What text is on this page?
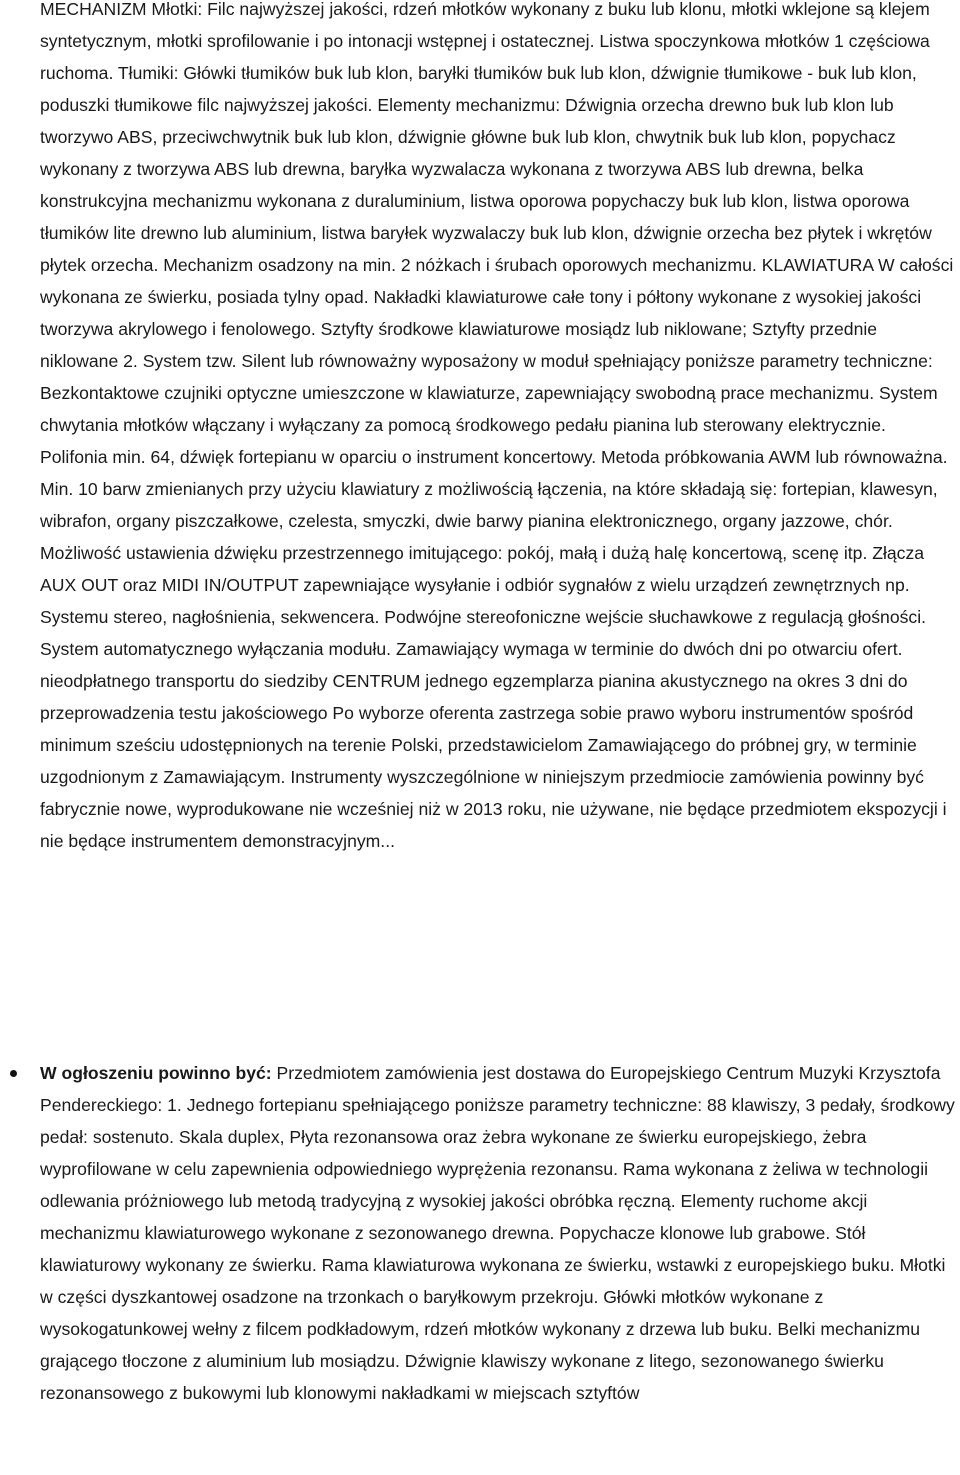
MECHANIZM Młotki: Filc najwyższej jakości, rdzeń młotków wykonany z buku lub klonu, młotki wklejone są klejem syntetycznym, młotki sprofilowanie i po intonacji wstępnej i ostatecznej. Listwa spoczynkowa młotków 1 częściowa ruchoma. Tłumiki: Główki tłumików buk lub klon, baryłki tłumików buk lub klon, dźwignie tłumikowe - buk lub klon, poduszki tłumikowe filc najwyższej jakości. Elementy mechanizmu: Dźwignia orzecha drewno buk lub klon lub tworzywo ABS, przeciwchwytnik buk lub klon, dźwignie główne buk lub klon, chwytnik buk lub klon, popychacz wykonany z tworzywa ABS lub drewna, baryłka wyzwalacza wykonana z tworzywa ABS lub drewna, belka konstrukcyjna mechanizmu wykonana z duraluminium, listwa oporowa popychaczy buk lub klon, listwa oporowa tłumików lite drewno lub aluminium, listwa baryłek wyzwalaczy buk lub klon, dźwignie orzecha bez płytek i wkrętów płytek orzecha. Mechanizm osadzony na min. 2 nóżkach i śrubach oporowych mechanizmu. KLAWIATURA W całości wykonana ze świerku, posiada tylny opad. Nakładki klawiaturowe całe tony i półtony wykonane z wysokiej jakości tworzywa akrylowego i fenolowego. Sztyfty środkowe klawiaturowe mosiądz lub niklowane; Sztyfty przednie niklowane 2. System tzw. Silent lub równoważny wyposażony w moduł spełniający poniższe parametry techniczne: Bezkontaktowe czujniki optyczne umieszczone w klawiaturze, zapewniający swobodną prace mechanizmu. System chwytania młotków włączany i wyłączany za pomocą środkowego pedału pianina lub sterowany elektrycznie. Polifonia min. 64, dźwięk fortepianu w oparciu o instrument koncertowy. Metoda próbkowania AWM lub równoważna. Min. 10 barw zmienianych przy użyciu klawiatury z możliwością łączenia, na które składają się: fortepian, klawesyn, wibrafon, organy piszczałkowe, czelesta, smyczki, dwie barwy pianina elektronicznego, organy jazzowe, chór. Możliwość ustawienia dźwięku przestrzennego imitującego: pokój, małą i dużą halę koncertową, scenę itp. Złącza AUX OUT oraz MIDI IN/OUTPUT zapewniające wysyłanie i odbiór sygnałów z wielu urządzeń zewnętrznych np. Systemu stereo, nagłośnienia, sekwencera. Podwójne stereofoniczne wejście słuchawkowe z regulacją głośności. System automatycznego wyłączania modułu. Zamawiający wymaga w terminie do dwóch dni po otwarciu ofert. nieodpłatnego transportu do siedziby CENTRUM jednego egzemplarza pianina akustycznego na okres 3 dni do przeprowadzenia testu jakościowego Po wyborze oferenta zastrzega sobie prawo wyboru instrumentów spośród minimum sześciu udostępnionych na terenie Polski, przedstawicielom Zamawiającego do próbnej gry, w terminie uzgodnionym z Zamawiającym. Instrumenty wyszczególnione w niniejszym przedmiocie zamówienia powinny być fabrycznie nowe, wyprodukowane nie wcześniej niż w 2013 roku, nie używane, nie będące przedmiotem ekspozycji i nie będące instrumentem demonstracyjnym...

W ogłoszeniu powinno być: Przedmiotem zamówienia jest dostawa do Europejskiego Centrum Muzyki Krzysztofa Pendereckiego: 1. Jednego fortepianu spełniającego poniższe parametry techniczne: 88 klawiszy, 3 pedały, środkowy pedał: sostenuto. Skala duplex, Płyta rezonansowa oraz żebra wykonane ze świerku europejskiego, żebra wyprofilowane w celu zapewnienia odpowiedniego wyprężenia rezonansu. Rama wykonana z żeliwa w technologii odlewania próżniowego lub metodą tradycyjną z wysokiej jakości obróbka ręczną. Elementy ruchome akcji mechanizmu klawiaturowego wykonane z sezonowanego drewna. Popychacze klonowe lub grabowe. Stół klawiaturowy wykonany ze świerku. Rama klawiaturowa wykonana ze świerku, wstawki z europejskiego buku. Młotki w części dyszkantowej osadzone na trzonkach o baryłkowym przekroju. Główki młotków wykonane z wysokogatunkowej wełny z filcem podkładowym, rdzeń młotków wykonany z drzewa lub buku. Belki mechanizmu grającego tłoczone z aluminium lub mosiądzu. Dźwignie klawiszy wykonane z litego, sezonowanego świerku rezonansowego z bukowymi lub klonowymi nakładkami w miejscach sztyftów
